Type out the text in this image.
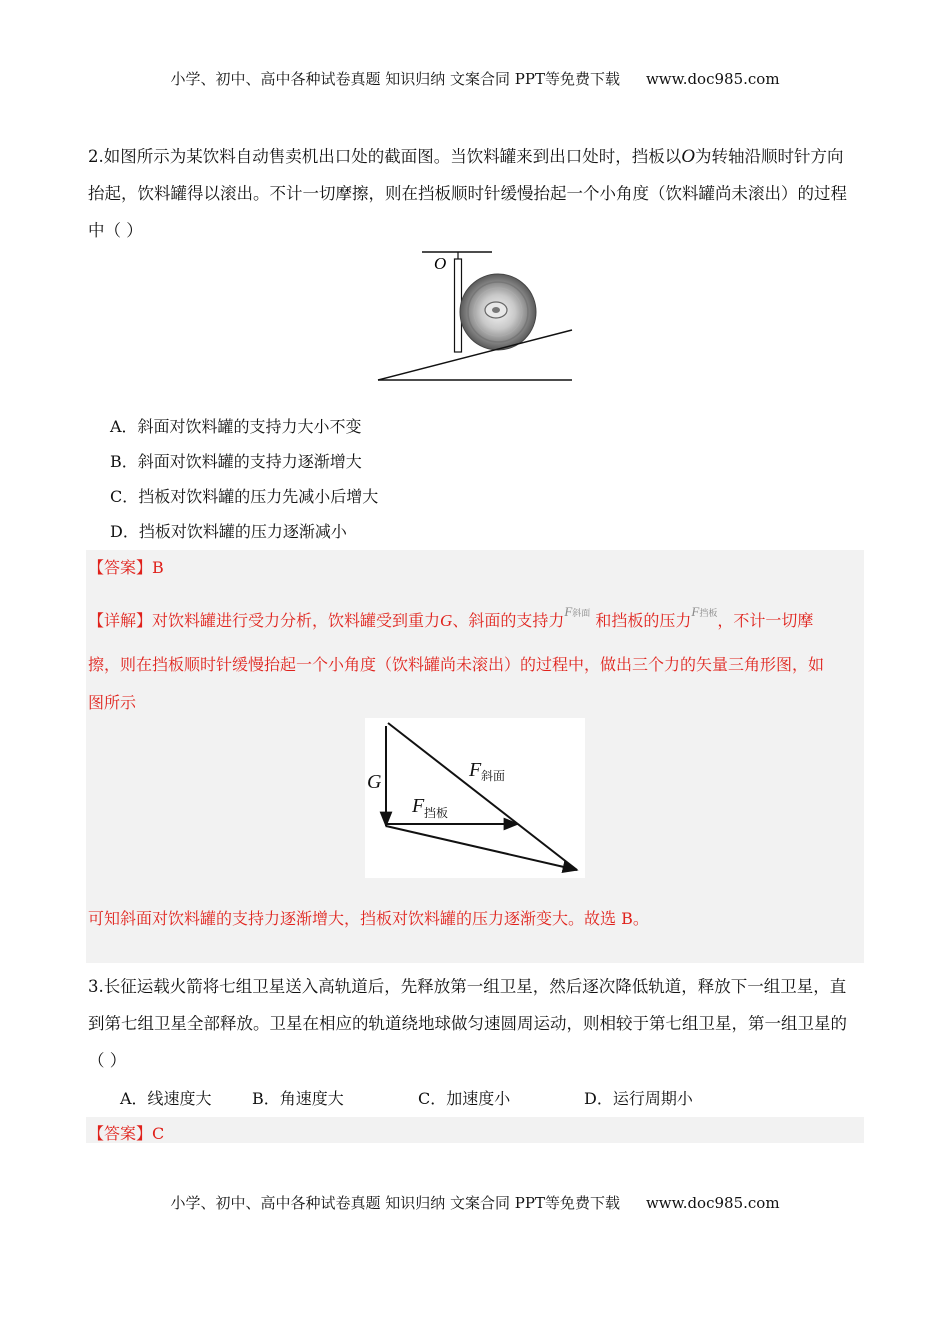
小学、初中、高中各种试卷真题 知识归纳 文案合同 PPT等免费下载 www.doc985.com
2.如图所示为某饮料自动售卖机出口处的截面图。当饮料罐来到出口处时，挡板以O为转轴沿顺时针方向
抬起，饮料罐得以滚出。不计一切摩擦，则在挡板顺时针缓慢抬起一个小角度（饮料罐尚未滚出）的过程
中（ ）
O
A．斜面对饮料罐的支持力大小不变
B．斜面对饮料罐的支持力逐渐增大
C．挡板对饮料罐的压力先减小后增大
D．挡板对饮料罐的压力逐渐减小
【答案】B
【详解】对饮料罐进行受力分析，饮料罐受到重力G、斜面的支持力$^{F斜面}$ 和挡板的压力$^{F挡板}$，不计一切摩
擦，则在挡板顺时针缓慢抬起一个小角度（饮料罐尚未滚出）的过程中，做出三个力的矢量三角形图，如
图所示
G
F 斜面
F 挡板
可知斜面对饮料罐的支持力逐渐增大，挡板对饮料罐的压力逐渐变大。故选 B。
3.长征运载火箭将七组卫星送入高轨道后，先释放第一组卫星，然后逐次降低轨道，释放下一组卫星，直
到第七组卫星全部释放。卫星在相应的轨道绕地球做匀速圆周运动，则相较于第七组卫星，第一组卫星的
（ ）
A．线速度大	B．角速度大	C．加速度小	D．运行周期小
【答案】C
小学、初中、高中各种试卷真题 知识归纳 文案合同 PPT等免费下载 www.doc985.com
